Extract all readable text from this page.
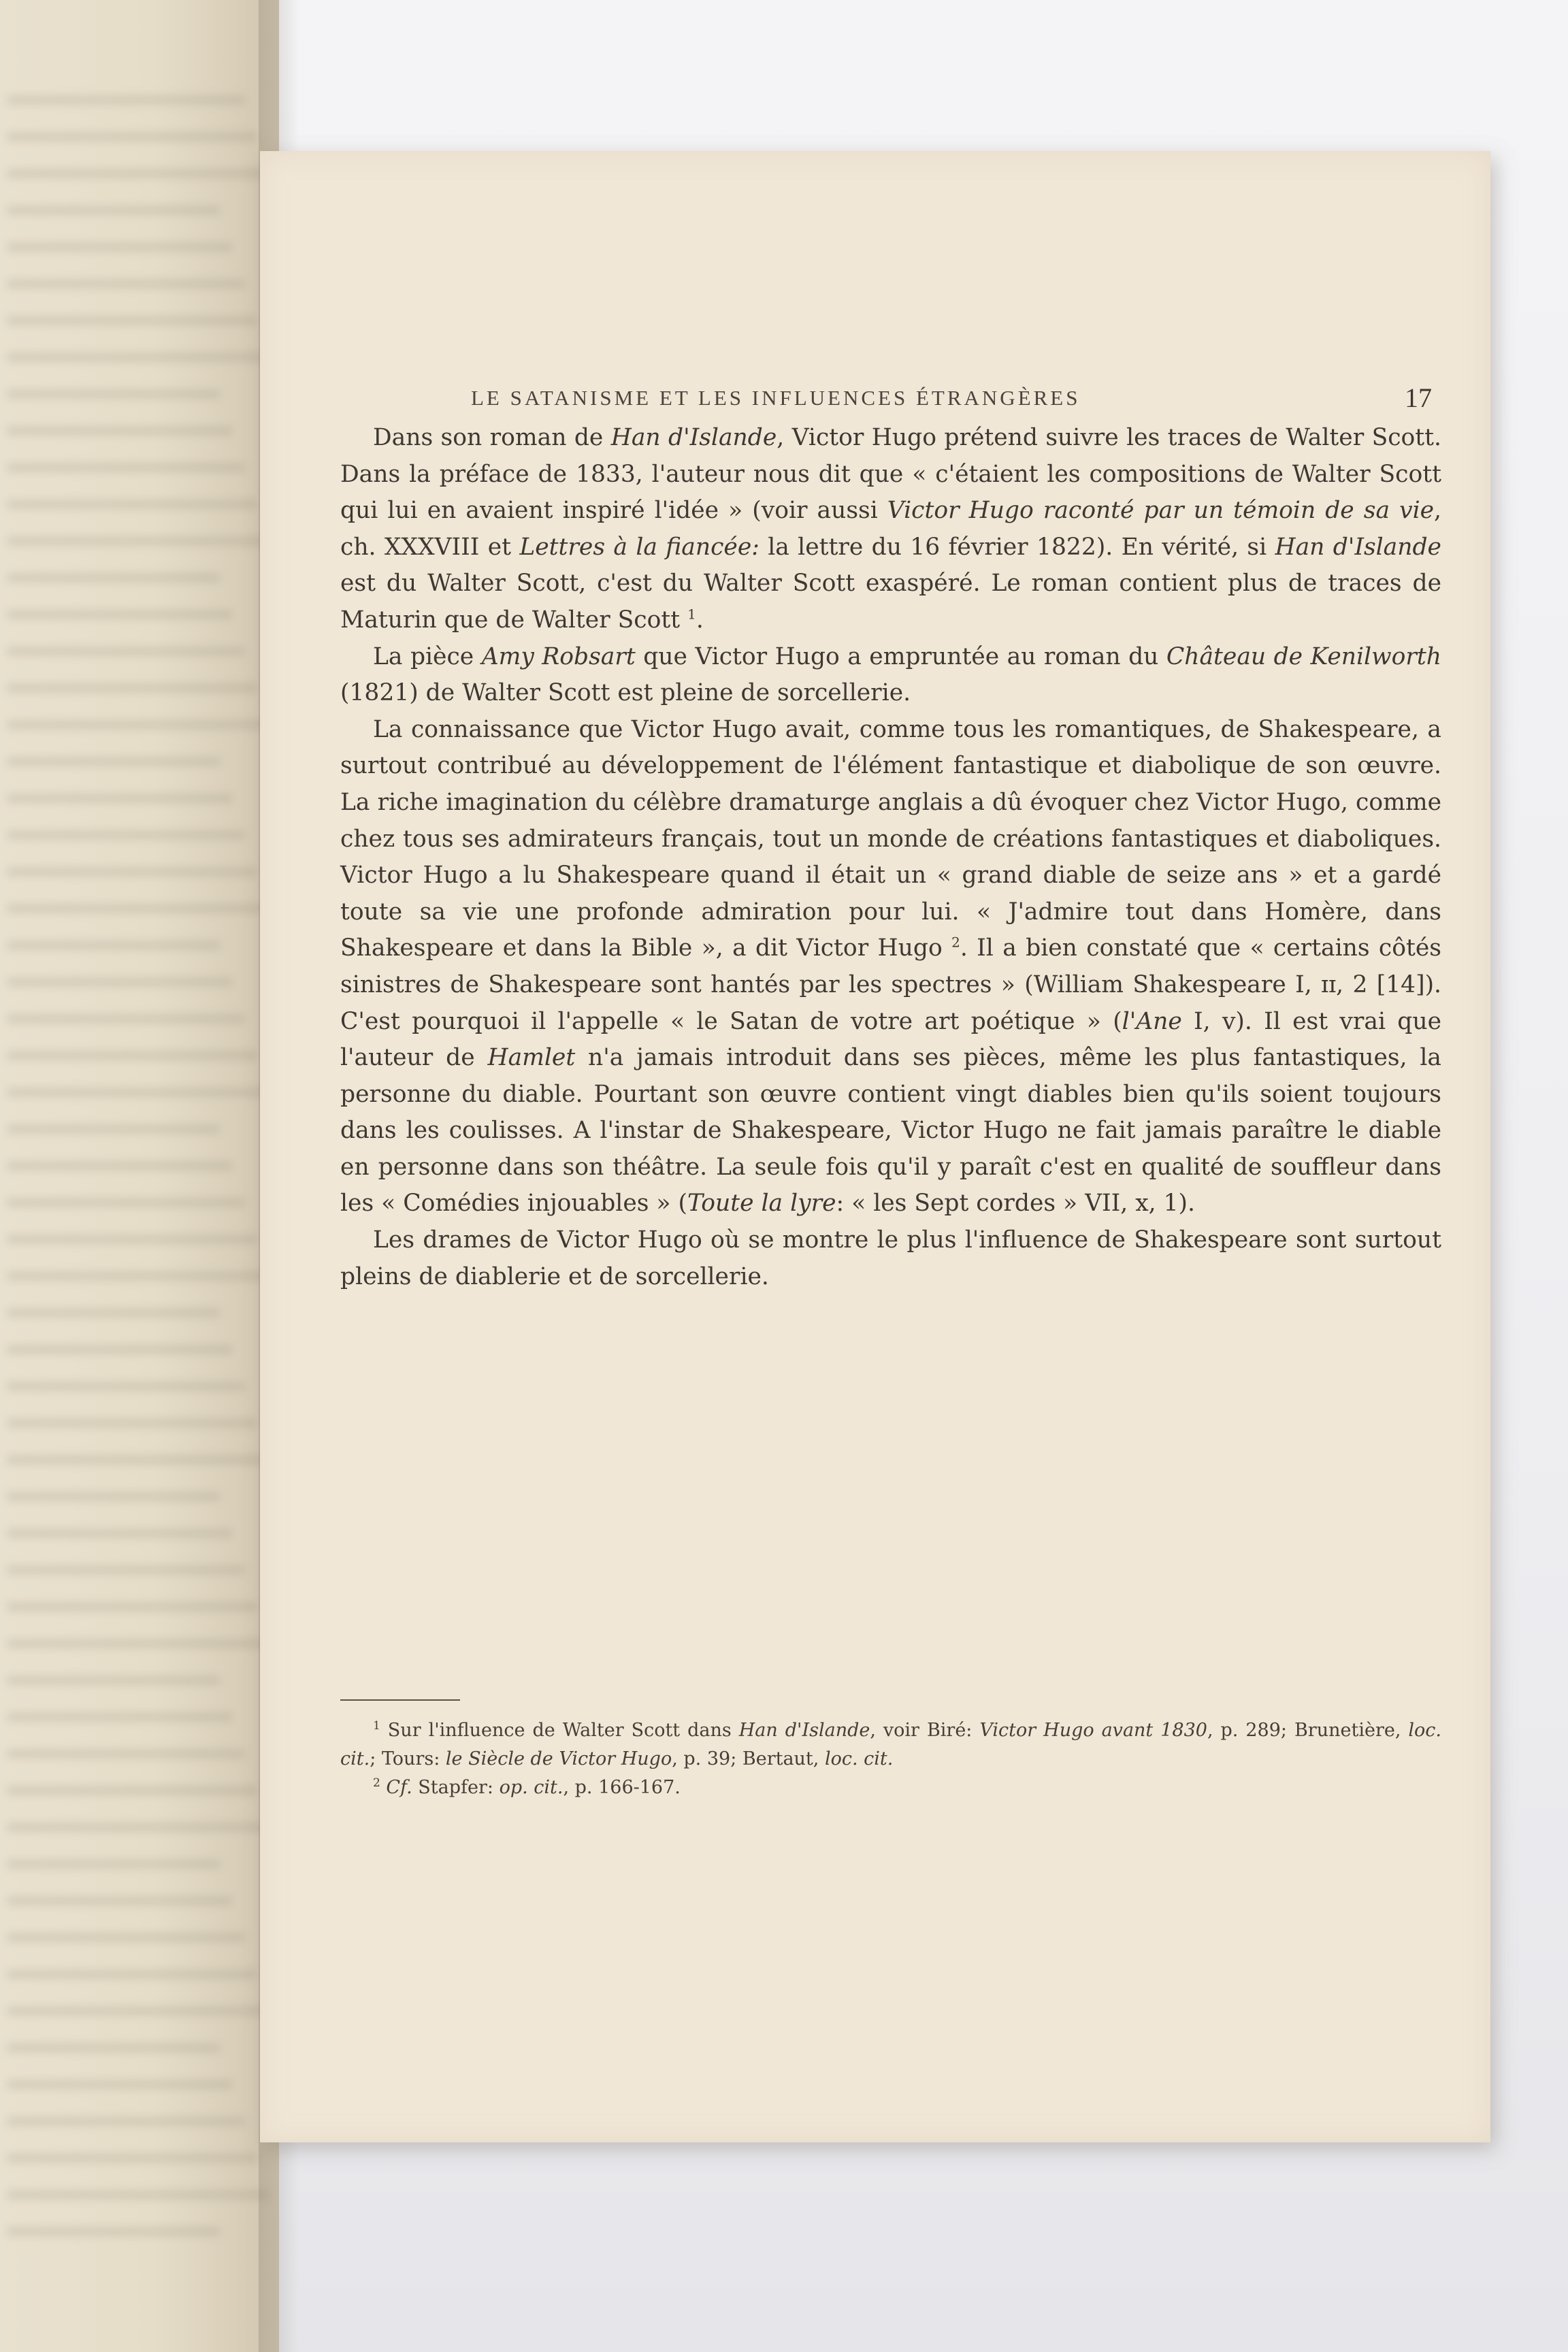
LE SATANISME ET LES INFLUENCES ÉTRANGÈRES	17

Dans son roman de Han d'Islande, Victor Hugo prétend suivre les traces de Walter Scott. Dans la préface de 1833, l'auteur nous dit que « c'étaient les compositions de Walter Scott qui lui en avaient inspiré l'idée » (voir aussi Victor Hugo raconté par un témoin de sa vie, ch. XXXVIII et Lettres à la fiancée: la lettre du 16 février 1822). En vérité, si Han d'Islande est du Walter Scott, c'est du Walter Scott exaspéré. Le roman contient plus de traces de Maturin que de Walter Scott $^1$.

La pièce Amy Robsart que Victor Hugo a empruntée au roman du Château de Kenilworth (1821) de Walter Scott est pleine de sorcellerie.

La connaissance que Victor Hugo avait, comme tous les romantiques, de Shakespeare, a surtout contribué au développement de l'élément fantastique et diabolique de son œuvre. La riche imagination du célèbre dramaturge anglais a dû évoquer chez Victor Hugo, comme chez tous ses admirateurs français, tout un monde de créations fantastiques et diaboliques. Victor Hugo a lu Shakespeare quand il était un « grand diable de seize ans » et a gardé toute sa vie une profonde admiration pour lui. « J'admire tout dans Homère, dans Shakespeare et dans la Bible », a dit Victor Hugo $^2$. Il a bien constaté que « certains côtés sinistres de Shakespeare sont hantés par les spectres » (William Shakespeare I, ɪɪ, 2 [14]). C'est pourquoi il l'appelle « le Satan de votre art poétique » (l'Ane I, v). Il est vrai que l'auteur de Hamlet n'a jamais introduit dans ses pièces, même les plus fantastiques, la personne du diable. Pourtant son œuvre contient vingt diables bien qu'ils soient toujours dans les coulisses. A l'instar de Shakespeare, Victor Hugo ne fait jamais paraître le diable en personne dans son théâtre. La seule fois qu'il y paraît c'est en qualité de souffleur dans les « Comédies injouables » (Toute la lyre: « les Sept cordes » VII, x, 1).

Les drames de Victor Hugo où se montre le plus l'influence de Shakespeare sont surtout pleins de diablerie et de sorcellerie.

$^1$ Sur l'influence de Walter Scott dans Han d'Islande, voir Biré: Victor Hugo avant 1830, p. 289; Brunetière, loc. cit.; Tours: le Siècle de Victor Hugo, p. 39; Bertaut, loc. cit.

$^2$ Cf. Stapfer: op. cit., p. 166-167.
